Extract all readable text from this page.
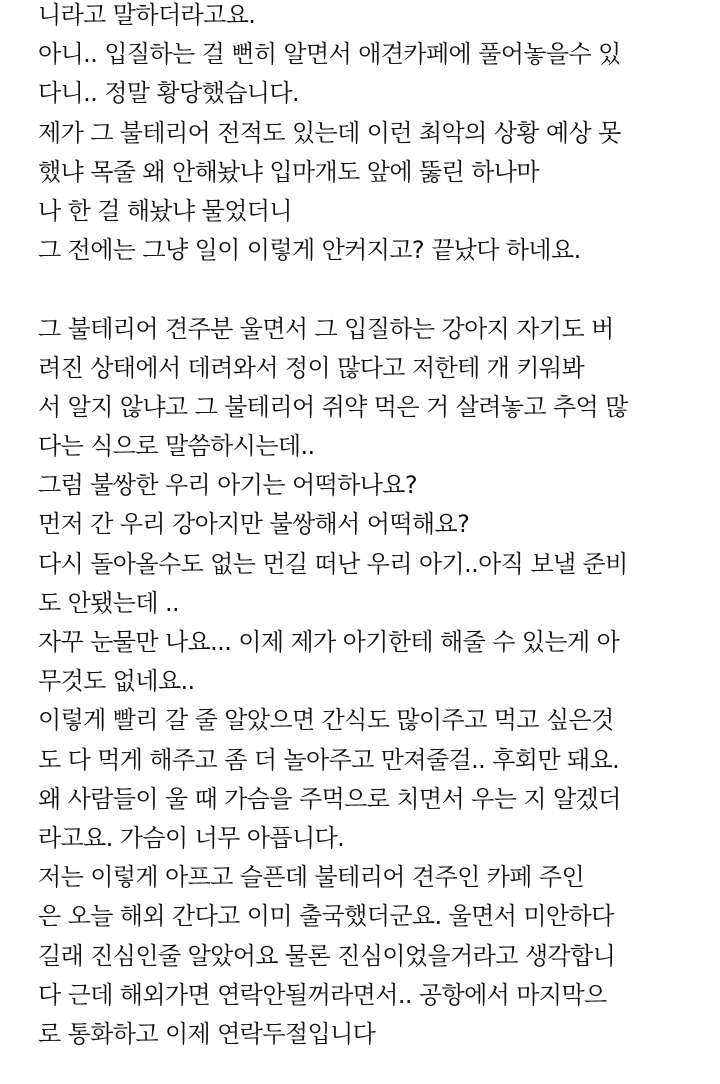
니라고 말하더라고요.
아니.. 입질하는 걸 뻔히 알면서 애견카페에 풀어놓을수 있
다니.. 정말 황당했습니다.
제가 그 불테리어 전적도 있는데 이런 최악의 상황 예상 못
했냐 목줄 왜 안해놨냐 입마개도 앞에 뚫린 하나마
나 한 걸 해놨냐 물었더니
그 전에는 그냥 일이 이렇게 안커지고? 끝났다 하네요.
그 불테리어 견주분 울면서 그 입질하는 강아지 자기도 버
려진 상태에서 데려와서 정이 많다고 저한테 개 키워봐
서 알지 않냐고 그 불테리어 쥐약 먹은 거 살려놓고 추억 많
다는 식으로 말씀하시는데..
그럼 불쌍한 우리 아기는 어떡하나요?
먼저 간 우리 강아지만 불쌍해서 어떡해요?
다시 돌아올수도 없는 먼길 떠난 우리 아기..아직 보낼 준비
도 안됐는데 ..
자꾸 눈물만 나요... 이제 제가 아기한테 해줄 수 있는게 아
무것도 없네요..
이렇게 빨리 갈 줄 알았으면 간식도 많이주고 먹고 싶은것
도 다 먹게 해주고 좀 더 놀아주고 만져줄걸.. 후회만 돼요.
왜 사람들이 울 때 가슴을 주먹으로 치면서 우는 지 알겠더
라고요. 가슴이 너무 아픕니다.
저는 이렇게 아프고 슬픈데 불테리어 견주인 카페 주인
은 오늘 해외 간다고 이미 출국했더군요. 울면서 미안하다
길래 진심인줄 알았어요 물론 진심이었을거라고 생각합니
다 근데 해외가면 연락안될꺼라면서.. 공항에서 마지막으
로 통화하고 이제 연락두절입니다
